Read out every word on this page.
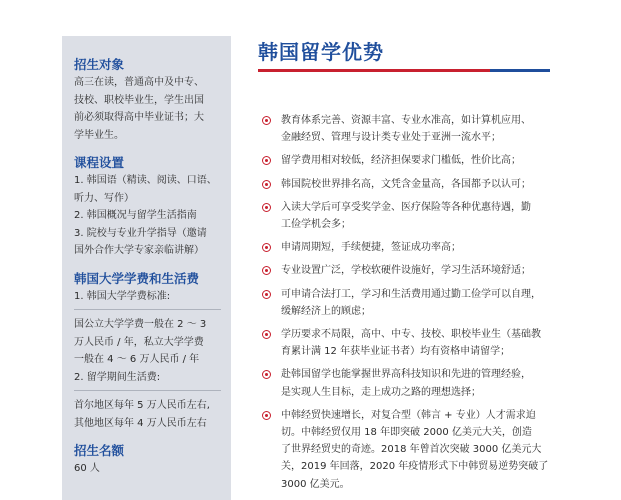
招生对象

高三在读，普通高中及中专、
技校、职校毕业生，学生出国
前必须取得高中毕业证书；大
学毕业生。

课程设置

1. 韩国语（精读、阅读、口语、
听力、写作）
2. 韩国概况与留学生活指南
3. 院校与专业升学指导（邀请
国外合作大学专家亲临讲解）

韩国大学学费和生活费

1. 韩国大学学费标准:

国公立大学学费一般在 2 ～ 3
万人民币 / 年，私立大学学费
一般在 4 ～ 6 万人民币 / 年
2. 留学期间生活费:

首尔地区每年 5 万人民币左右,
其他地区每年 4 万人民币左右

招生名额

60 人

韩国留学优势
教育体系完善、资源丰富、专业水准高，如计算机应用、
金融经贸、管理与设计类专业处于亚洲一流水平；
留学费用相对较低，经济担保要求门槛低，性价比高；
韩国院校世界排名高，文凭含金量高，各国都予以认可；
入读大学后可享受奖学金、医疗保险等各种优惠待遇，勤
工俭学机会多；
申请周期短，手续便捷，签证成功率高；
专业设置广泛，学校软硬件设施好，学习生活环境舒适；
可申请合法打工，学习和生活费用通过勤工俭学可以自理，
缓解经济上的顾虑；
学历要求不局限，高中、中专、技校、职校毕业生（基础教
育累计满 12 年获毕业证书者）均有资格申请留学；
赴韩国留学也能掌握世界高科技知识和先进的管理经验，
是实现人生目标，走上成功之路的理想选择；
中韩经贸快速增长，对复合型（韩言 + 专业）人才需求迫
切。中韩经贸仅用 18 年即突破 2000 亿美元大关，创造
了世界经贸史的奇迹。2018 年曾首次突破 3000 亿美元大
关，2019 年回落，2020 年疫情形式下中韩贸易逆势突破了
3000 亿美元。
